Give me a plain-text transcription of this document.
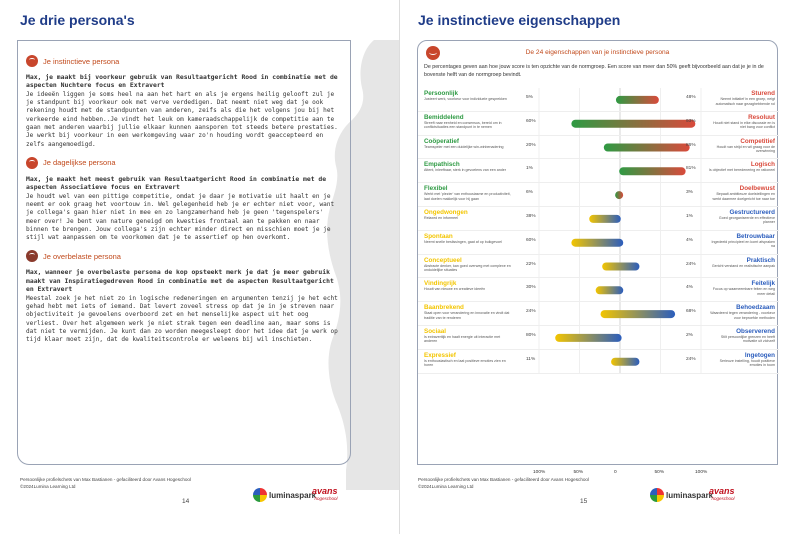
Je drie persona's
Je instinctieve persona
Max, je maakt bij voorkeur gebruik van Resultaatgericht Rood in combinatie met de aspecten Nuchtere focus en Extravert
Je ideeën liggen je soms heel na aan het hart en als je ergens heilig gelooft zul je je standpunt bij voorkeur ook met verve verdedigen. Dat neemt niet weg dat je ook rekening houdt met de standpunten van anderen, zeifs als die het volgens jou bij het verkeerde eind hebben..Je vindt het leuk om kameraadschappelijk de competitie aan te gaan met anderen waarbij jullie elkaar kunnen aansporen tot steeds betere prestaties. Je werkt bij voorkeur in een werkomgeving waar zo'n houding wordt geaccepteerd en zelfs aangemoedigd.
Je dagelijkse persona
Max, je maakt het meest gebruik van Resultaatgericht Rood in combinatie met de aspecten Associatieve focus en Extravert
Je houdt wel van een pittige competitie, omdat je daar je motivatie uit haalt en je neemt er ook graag het voortouw in. Wel gelegenheid heb je er echter niet voor, want je collega's gaan hier niet in mee en zo langzamerhand heb je geen 'tegenspelers' meer over! Je bent van nature geneigd om kwesties frontaal aan te pakken en naar binnen te brengen. Jouw collega's zijn echter minder direct en misschien moet je je stijl wat aanpassen om te voorkomen dat je te assertief op hen overkomt.
Je overbelaste persona
Max, wanneer je overbelaste persona de kop opsteekt merk je dat je meer gebruik maakt van Inspiratiegedreven Rood in combinatie met de aspecten Resultaatgericht en Extravert
Meestal zoek je het niet zo in logische redeneringen en argumenten tenzij je het echt gehad hebt met iets of iemand. Dat levert zoveel stress op dat je in je streven naar objectiviteit je gevoelens overboord zet en het menselijke aspect uit het oog verliest. Over het algemeen werk je niet strak tegen een deadline aan, maar soms is dat niet te vermijden. Je kunt dan zo worden meegesleept door het idee dat je werk op tijd klaar moet zijn, dat de kwaliteitscontrole er weleens bij wil inschieten.
Persoonlijke profielschets van Max Bastianen - gefaciliteerd door Avans Hogeschool
©2024Lumina Learning Ltd
14
luminaspark
avans
hogeschool
Je instinctieve eigenschappen
De 24 eigenschappen van je instinctieve persona
De percentages geven aan hoe jouw score is ten opzichte van de normgroep. Een score van meer dan 50% geeft bijvoorbeeld aan dat je je in de bovenste helft van de normgroep bevindt.
Persoonlijk
Justeert werk, voorkeur voor individuele gesprekken	5%	48%
Sturend
Neemt initiatief in een groep, neigt automatisch naar gezaghebbende rol
Bemiddelend
Streeft naar eenheid en consensus, bereid om in conflictsituaties een standpunt in te nemen
60%	93%
Resoluut
Houdt niet stand in elke discussie en is niet bang voor conflict
Coöperatief
Teamspeler met een duidelijke win-winbenadering	20%	86%
Competitief
Houdt van strijd en wil graag voor de overwinning
Empathisch
Attent, inleefbaar, sterk in gevoelens van een ander	1%	81%
Logisch
Is objectief met beredenering en rationeel
Flexibel
Werkt met 'plezier' van enthousiasme en productiviteit, laat doelen makkelijk voor hij gaan
6%	3%
Doelbewust
Bepaalt ambitieuze doelstellingen en werkt daarmee doelgericht toe naar toe
Ongedwongen
Relaxed en informeel	38%	1%
Gestructureerd
Goed georganiseerde en effectieve planner
Spontaan
Neemt snelle beslissingen, gaat af op buikgevoel	60%	4%
Betrouwbaar
Ingedeeld principieel en komt afspraken na
Conceptueel
Abstracte denker, kan goed overweg met complexe en onduidelijke situaties
22%	24%
Praktisch
Gericht verstand en realistische aanpak
Vindingrijk
Houdt van nieuwe en creatieve ideeën	30%	4%
Feitelijk
Focus op waarneembare feiten en weg meer detail
Baanbrekend
Staat open voor verandering en innovatie en vindt dat traditie van te renderen
24%	68%
Behoedzaam
Waardeerd tegen verandering - voorkeur voor beproefde methoden
Sociaal
Is extravertiijk en haalt energie uit interactie met anderen
80%	2%
Observerend
Stilt persoonlijke grenzen en heeft motivatie uit zichzelf
Expressief
Is enthousiastisch en laat positieve emoties zien en horen
11%	24%
Ingetogen
Serieuze instelling, houdt positieve emoties in toom
100%	50%	0	50%	100%
Persoonlijke profielschets van Max Bastianen - gefaciliteerd door Avans Hogeschool
©2024Lumina Learning Ltd
15
luminaspark
avans
hogeschool
